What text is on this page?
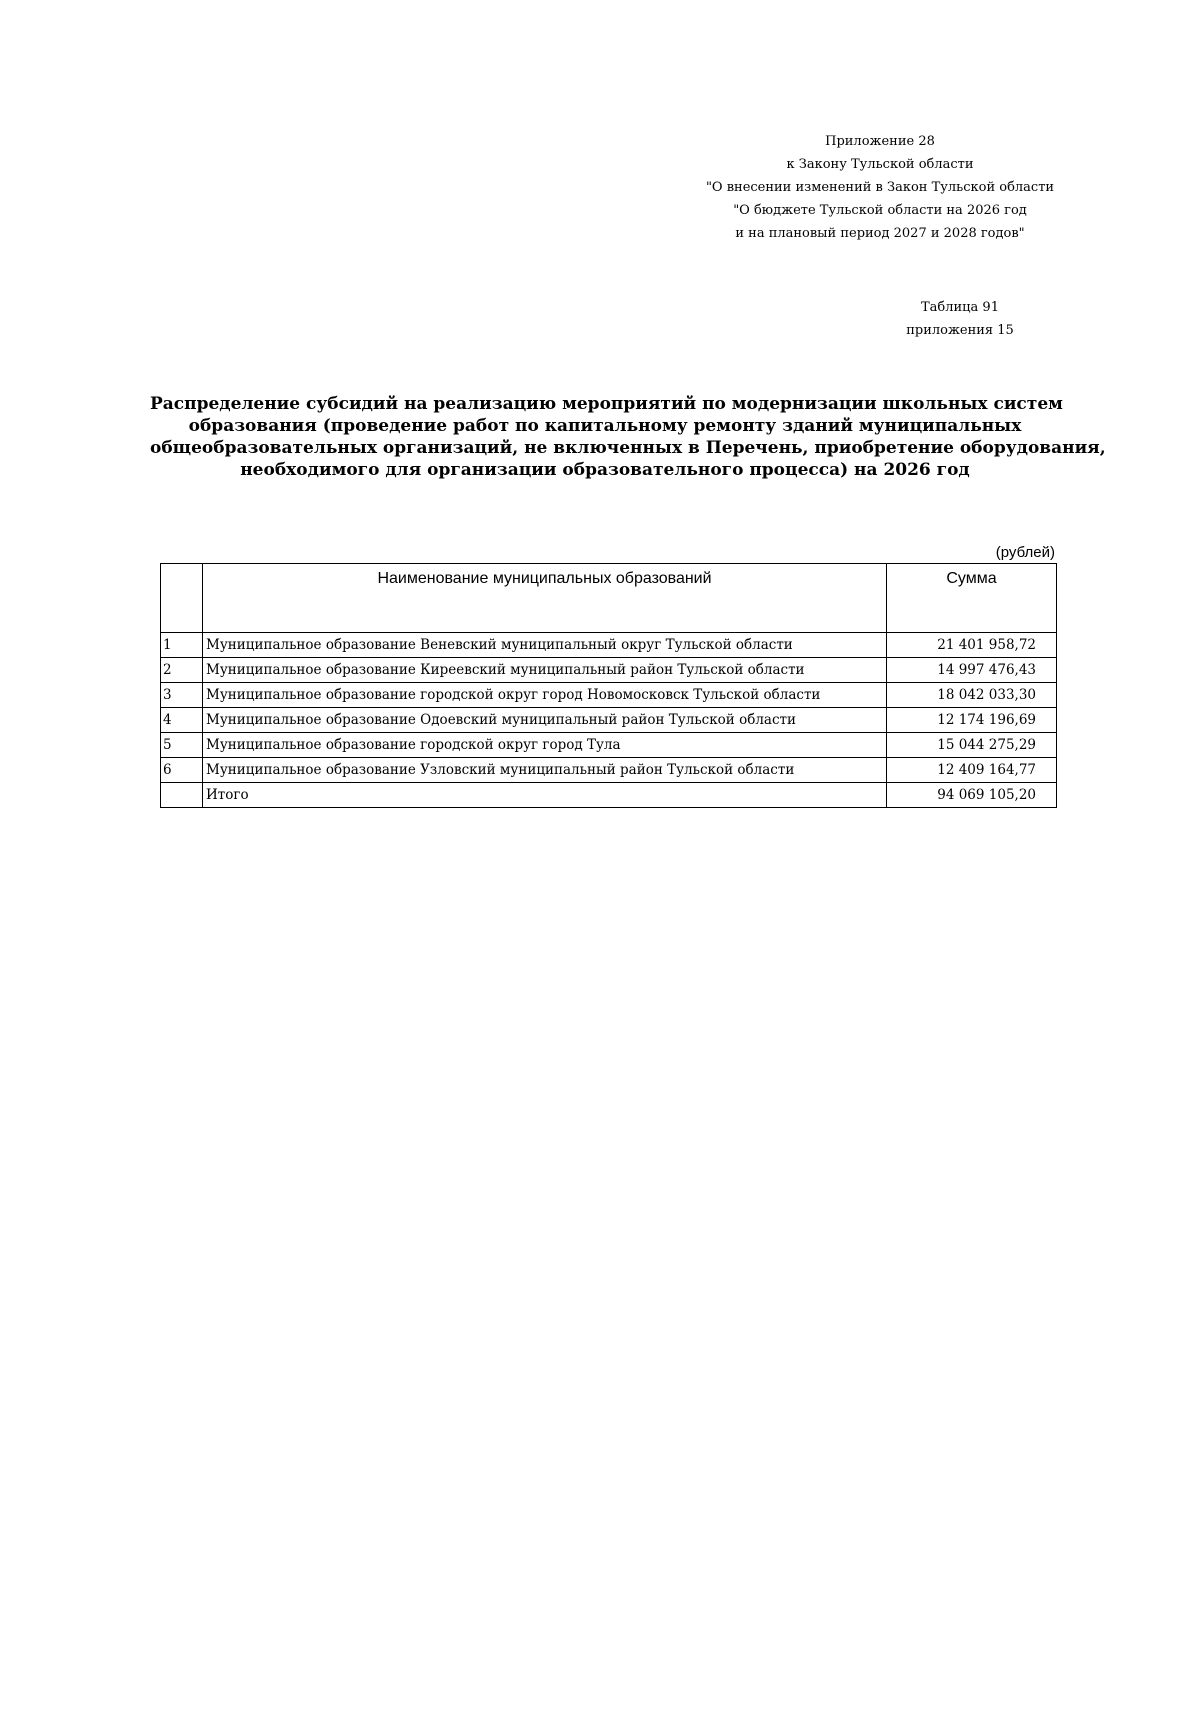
Приложение 28
к Закону Тульской области
"О внесении изменений в Закон Тульской области
"О бюджете Тульской области на 2026 год
и на плановый период 2027 и 2028 годов"
Таблица 91
приложения 15
Распределение субсидий на реализацию мероприятий по модернизации школьных систем
образования (проведение работ по капитальному ремонту зданий муниципальных
общеобразовательных организаций, не включенных в Перечень, приобретение оборудования,
необходимого для организации образовательного процесса) на 2026 год
(рублей)
	Наименование муниципальных образований	Сумма
1	Муниципальное образование Веневский муниципальный округ Тульской области	21 401 958,72
2	Муниципальное образование Киреевский муниципальный район Тульской области	14 997 476,43
3	Муниципальное образование городской округ город Новомосковск Тульской области	18 042 033,30
4	Муниципальное образование Одоевский муниципальный район Тульской области	12 174 196,69
5	Муниципальное образование городской округ город Тула	15 044 275,29
6	Муниципальное образование Узловский муниципальный район Тульской области	12 409 164,77
	Итого	94 069 105,20
